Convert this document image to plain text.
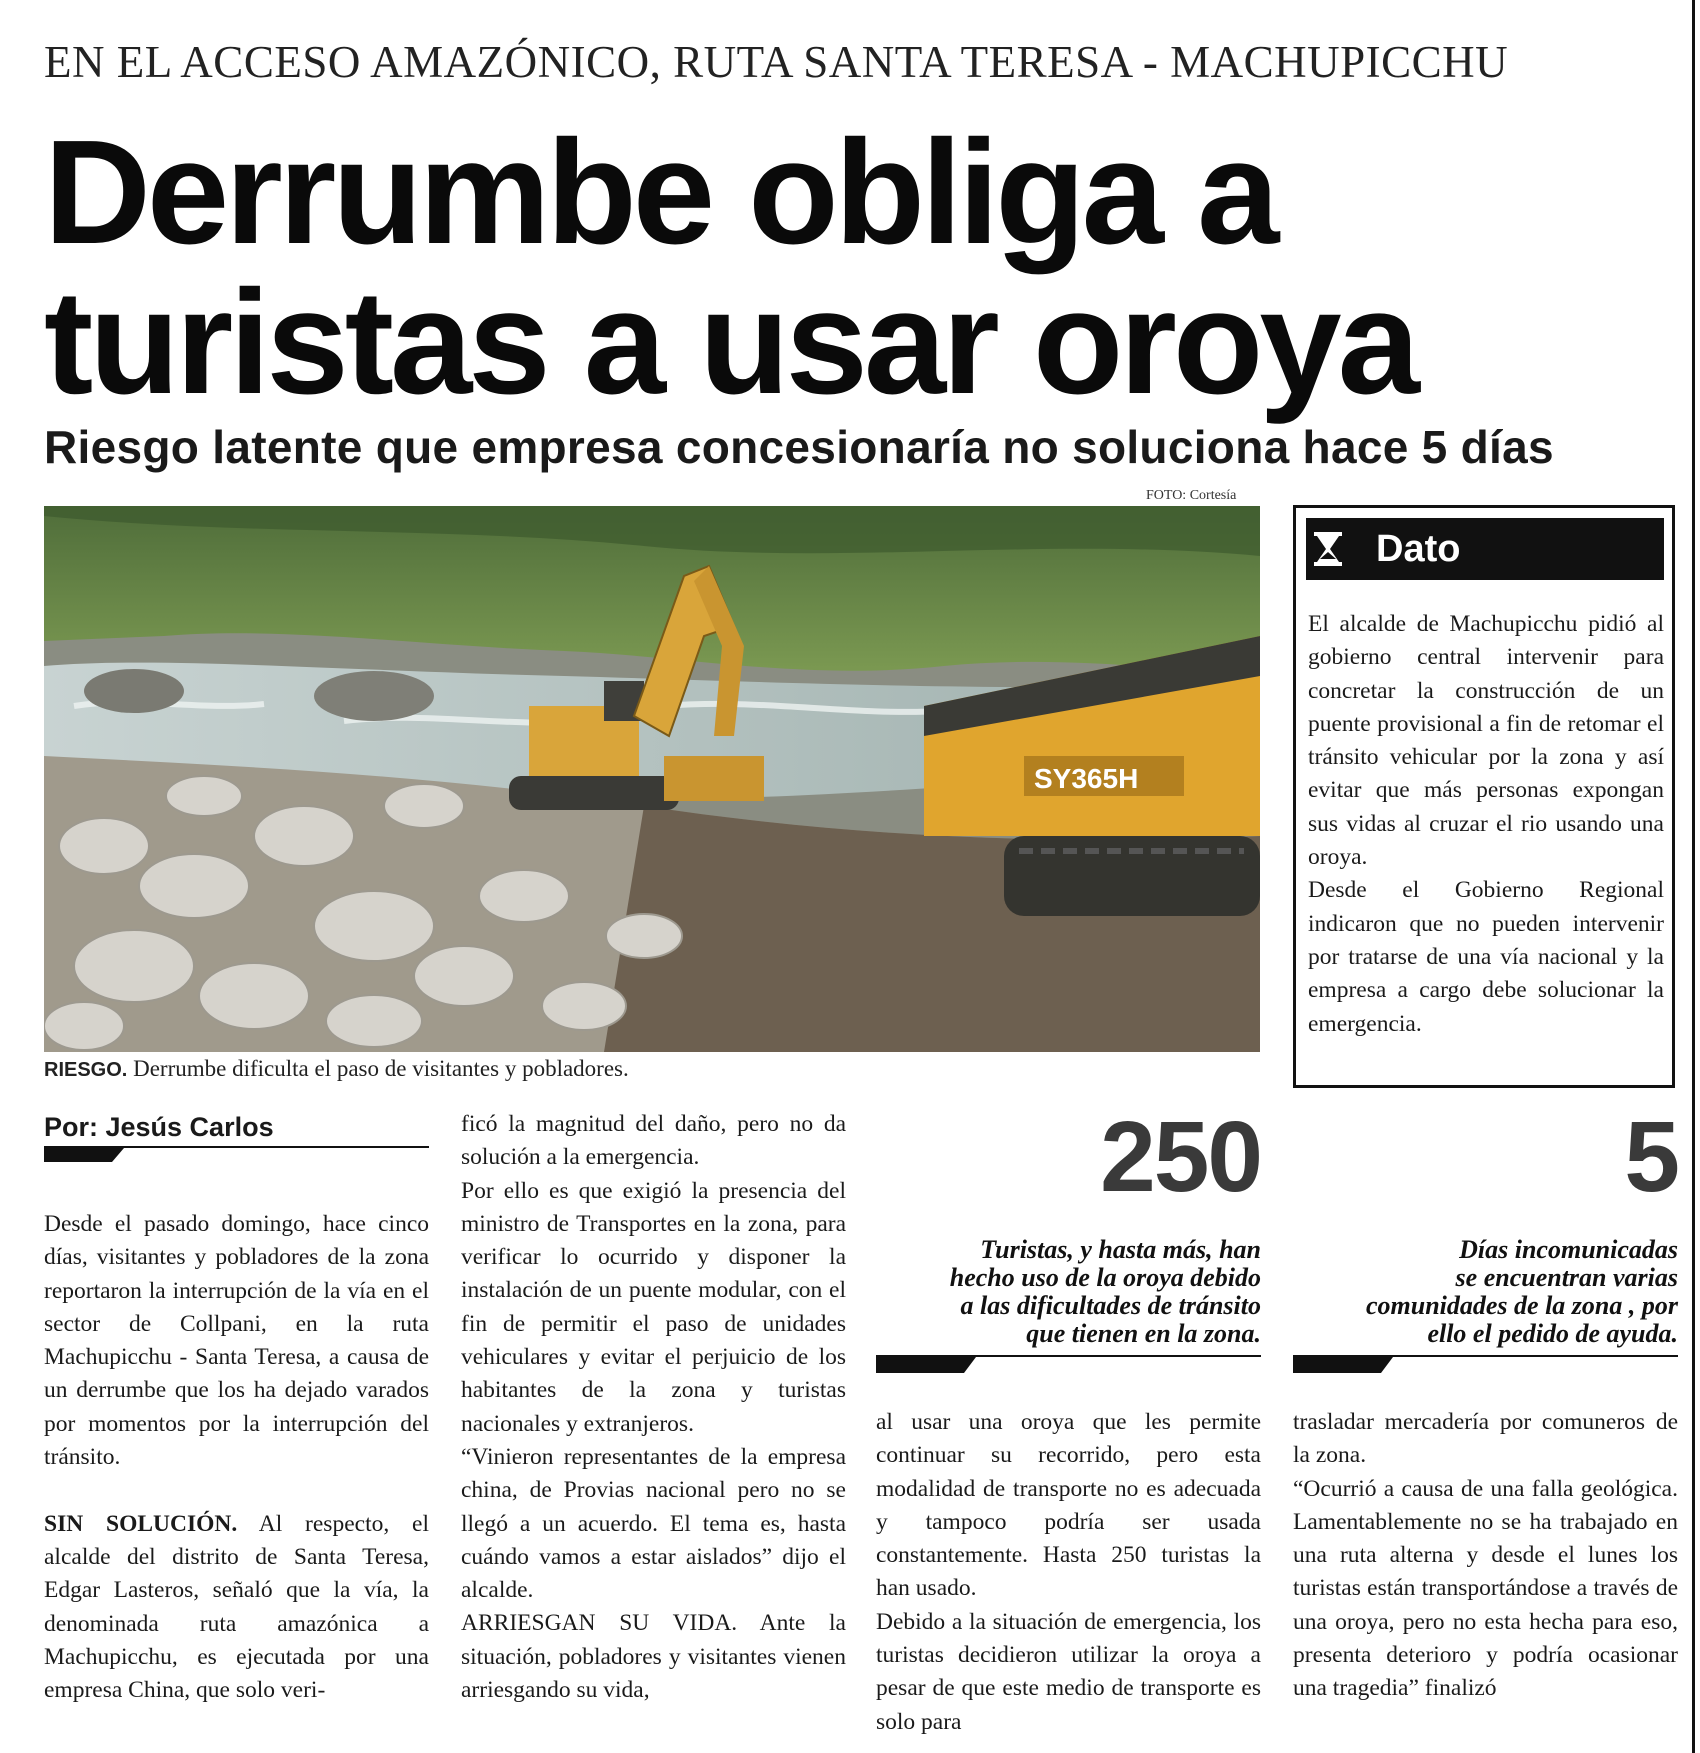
EN EL ACCESO AMAZÓNICO, RUTA SANTA TERESA - MACHUPICCHU
Derrumbe obliga a
turistas a usar oroya
Riesgo latente que empresa concesionaría no soluciona hace 5 días
FOTO: Cortesía
SY365H
RIESGO. Derrumbe dificulta el paso de visitantes y pobladores.
Dato

El alcalde de Machupicchu pidió al gobierno central intervenir para concretar la construcción de un puente provisional a fin de retomar el tránsito vehicular por la zona y así evitar que más personas expongan sus vidas al cruzar el rio usando una oroya.

Desde el Gobierno Regional indicaron que no pueden intervenir por tratarse de una vía nacional y la empresa a cargo debe solucionar la emergencia.

Por: Jesús Carlos

Desde el pasado domingo, hace cinco días, visitantes y pobladores de la zona reportaron la interrupción de la vía en el sector de Collpani, en la ruta Machupicchu - Santa Teresa, a causa de un derrumbe que los ha dejado varados por momentos por la interrupción del tránsito.

SIN SOLUCIÓN. Al respecto, el alcalde del distrito de Santa Teresa, Edgar Lasteros, señaló que la vía, la denominada ruta amazónica a Machupicchu, es ejecutada por una empresa China, que solo veri-

ficó la magnitud del daño, pero no da solución a la emergencia.

Por ello es que exigió la presencia del ministro de Transportes en la zona, para verificar lo ocurrido y disponer la instalación de un puente modular, con el fin de permitir el paso de unidades vehiculares y evitar el perjuicio de los habitantes de la zona y turistas nacionales y extranjeros.

“Vinieron representantes de la empresa china, de Provias nacional pero no se llegó a un acuerdo. El tema es, hasta cuándo vamos a estar aislados” dijo el alcalde.

ARRIESGAN SU VIDA. Ante la situación, pobladores y visitantes vienen arriesgando su vida,

250
Turistas, y hasta más, han
hecho uso de la oroya debido
a las dificultades de tránsito
que tienen en la zona.

al usar una oroya que les permite continuar su recorrido, pero esta modalidad de transporte no es adecuada y tampoco podría ser usada constantemente. Hasta 250 turistas la han usado.

Debido a la situación de emergencia, los turistas decidieron utilizar la oroya a pesar de que este medio de transporte es solo para

5
Días incomunicadas
se encuentran varias
comunidades de la zona , por
ello el pedido de ayuda.

trasladar mercadería por comuneros de la zona.

“Ocurrió a causa de una falla geológica. Lamentablemente no se ha trabajado en una ruta alterna y desde el lunes los turistas están transportándose a través de una oroya, pero no esta hecha para eso, presenta deterioro y podría ocasionar una tragedia” finalizó
